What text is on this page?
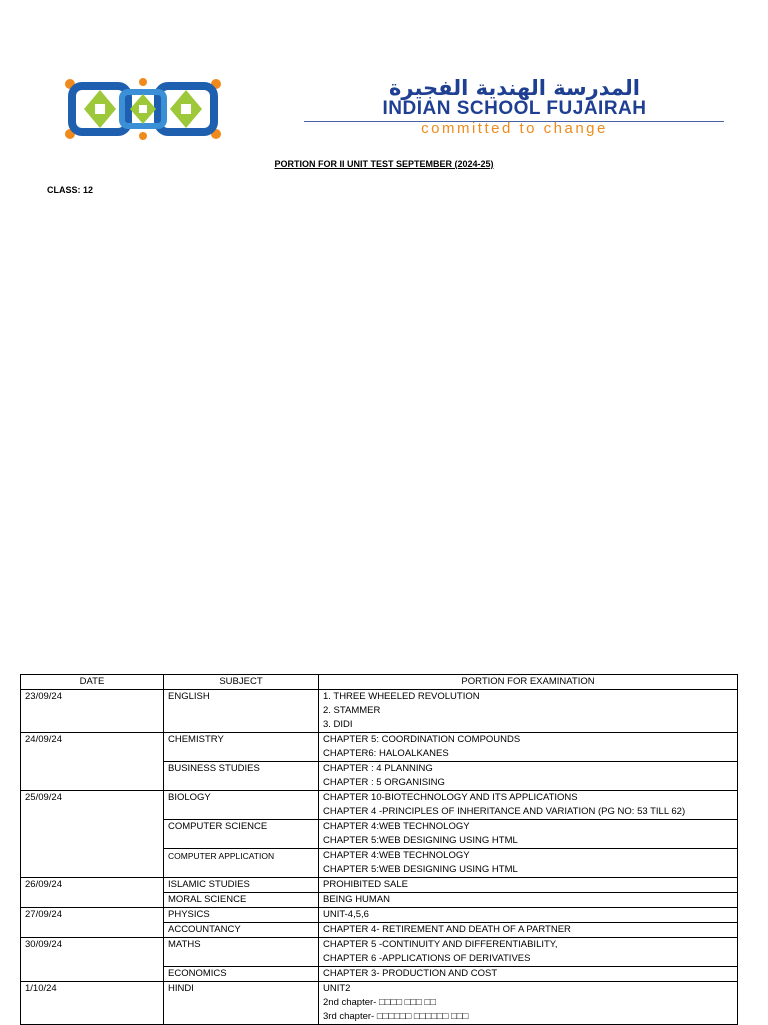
المدرسة الهندية الفجيرة
INDIAN SCHOOL FUJAIRAH
committed to change
PORTION FOR II UNIT TEST SEPTEMBER (2024-25)
CLASS: 12
DATE	SUBJECT	PORTION FOR EXAMINATION
23/09/24	ENGLISH	1. THREE WHEELED REVOLUTION
2. STAMMER
3. DIDI

24/09/24	CHEMISTRY	CHAPTER 5: COORDINATION COMPOUNDS
CHAPTER6: HALOALKANES

	BUSINESS STUDIES	CHAPTER : 4 PLANNING
CHAPTER : 5 ORGANISING

25/09/24	BIOLOGY	CHAPTER 10-BIOTECHNOLOGY AND ITS APPLICATIONS
CHAPTER 4 -PRINCIPLES OF INHERITANCE AND VARIATION (PG NO: 53 TILL 62)

	COMPUTER SCIENCE	CHAPTER 4:WEB TECHNOLOGY
CHAPTER 5:WEB DESIGNING USING HTML

	COMPUTER APPLICATION	CHAPTER 4:WEB TECHNOLOGY
CHAPTER 5:WEB DESIGNING USING HTML

26/09/24	ISLAMIC STUDIES	PROHIBITED SALE

	MORAL SCIENCE	BEING HUMAN

27/09/24	PHYSICS	UNIT-4,5,6

	ACCOUNTANCY	CHAPTER 4- RETIREMENT AND DEATH OF A PARTNER

30/09/24	MATHS	CHAPTER 5 -CONTINUITY AND DIFFERENTIABILITY,
CHAPTER 6 -APPLICATIONS OF DERIVATIVES

	ECONOMICS	CHAPTER 3- PRODUCTION AND COST

1/10/24	HINDI	UNIT2
2nd chapter- □□□□ □□□ □□
3rd chapter- □□□□□□ □□□□□□ □□□
